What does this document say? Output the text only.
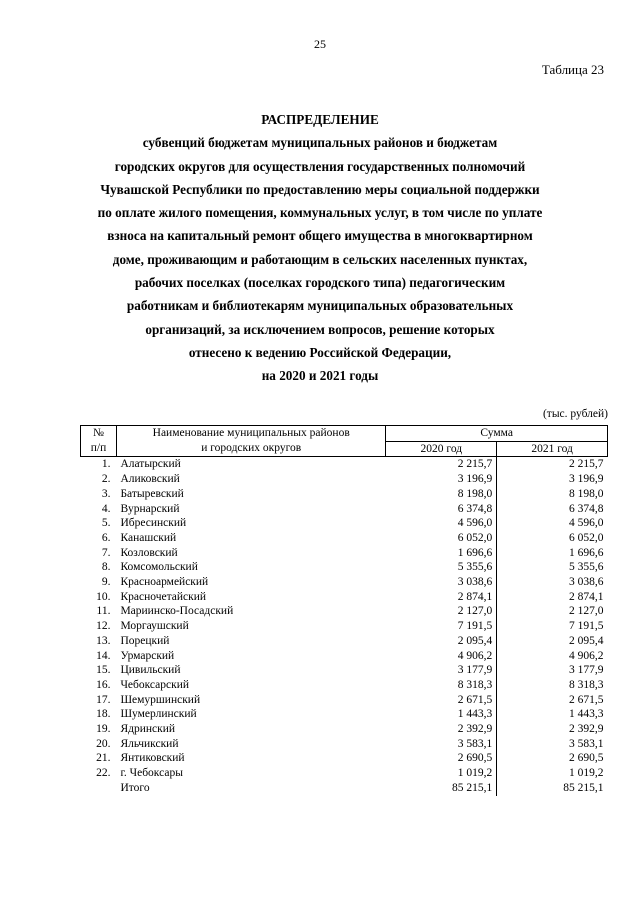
25
Таблица 23
РАСПРЕДЕЛЕНИЕ
субвенций бюджетам муниципальных районов и бюджетам
городских округов для осуществления государственных полномочий
Чувашской Республики по предоставлению меры социальной поддержки
по оплате жилого помещения, коммунальных услуг, в том числе по уплате
взноса на капитальный ремонт общего имущества в многоквартирном
доме, проживающим и работающим в сельских населенных пунктах,
рабочих поселках (поселках городского типа) педагогическим
работникам и библиотекарям муниципальных образовательных
организаций, за исключением вопросов, решение которых
отнесено к ведению Российской Федерации,
на 2020 и 2021 годы
(тыс. рублей)
№	Наименование муниципальных районов	Сумма	
п/п	и городских округов	2020 год	2021 год
1.	Алатырский	2 215,7	2 215,7
2.	Аликовский	3 196,9	3 196,9
3.	Батыревский	8 198,0	8 198,0
4.	Вурнарский	6 374,8	6 374,8
5.	Ибресинский	4 596,0	4 596,0
6.	Канашский	6 052,0	6 052,0
7.	Козловский	1 696,6	1 696,6
8.	Комсомольский	5 355,6	5 355,6
9.	Красноармейский	3 038,6	3 038,6
10.	Красночетайский	2 874,1	2 874,1
11.	Мариинско-Посадский	2 127,0	2 127,0
12.	Моргаушский	7 191,5	7 191,5
13.	Порецкий	2 095,4	2 095,4
14.	Урмарский	4 906,2	4 906,2
15.	Цивильский	3 177,9	3 177,9
16.	Чебоксарский	8 318,3	8 318,3
17.	Шемуршинский	2 671,5	2 671,5
18.	Шумерлинский	1 443,3	1 443,3
19.	Ядринский	2 392,9	2 392,9
20.	Яльчикский	3 583,1	3 583,1
21.	Янтиковский	2 690,5	2 690,5
22.	г. Чебоксары	1 019,2	1 019,2
	Итого	85 215,1	85 215,1
